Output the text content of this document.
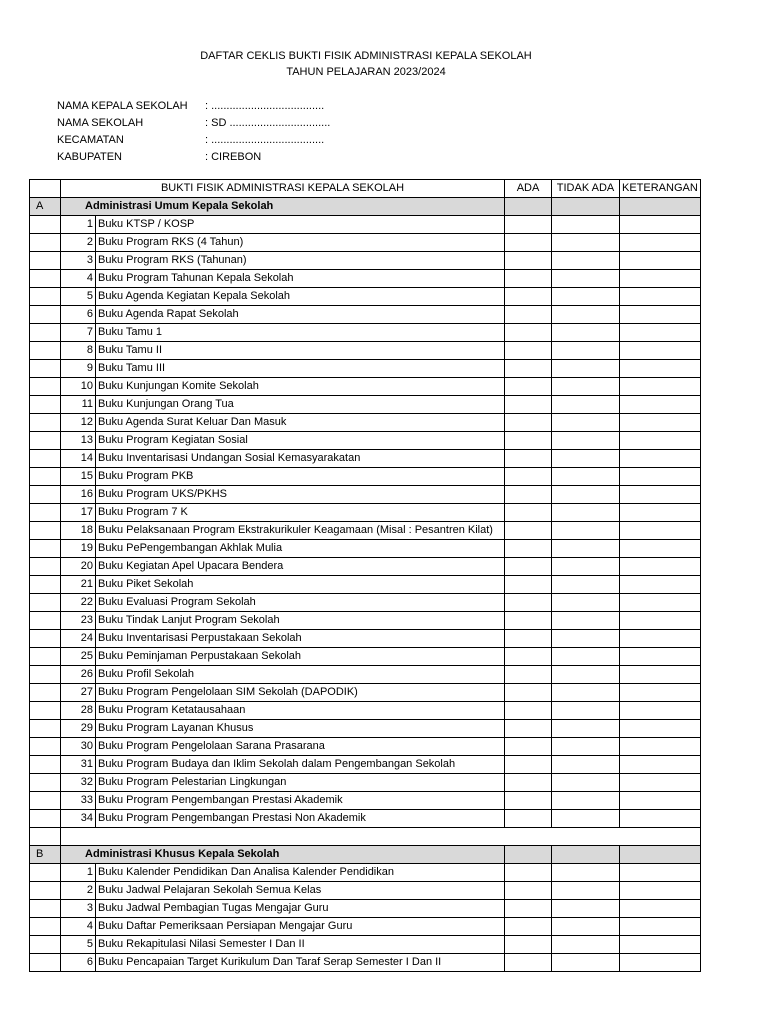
DAFTAR CEKLIS BUKTI FISIK ADMINISTRASI KEPALA SEKOLAH
TAHUN PELAJARAN 2023/2024
NAMA KEPALA SEKOLAH	: .....................................
NAMA SEKOLAH	: SD .................................
KECAMATAN	: .....................................
KABUPATEN	: CIREBON
	BUKTI FISIK ADMINISTRASI KEPALA SEKOLAH		ADA	TIDAK ADA	KETERANGAN
A	Administrasi Umum Kepala Sekolah				
	1	Buku KTSP / KOSP			
	2	Buku Program RKS (4 Tahun)			
	3	Buku Program RKS (Tahunan)			
	4	Buku Program Tahunan Kepala Sekolah			
	5	Buku Agenda Kegiatan Kepala Sekolah			
	6	Buku Agenda Rapat Sekolah			
	7	Buku Tamu 1			
	8	Buku Tamu II			
	9	Buku Tamu III			
	10	Buku Kunjungan Komite Sekolah			
	11	Buku Kunjungan Orang Tua			
	12	Buku Agenda Surat Keluar Dan Masuk			
	13	Buku Program Kegiatan Sosial			
	14	Buku Inventarisasi Undangan Sosial Kemasyarakatan			
	15	Buku Program PKB			
	16	Buku Program UKS/PKHS			
	17	Buku Program 7 K			
	18	Buku Pelaksanaan Program Ekstrakurikuler Keagamaan (Misal : Pesantren Kilat)			
	19	Buku PePengembangan Akhlak Mulia			
	20	Buku Kegiatan Apel Upacara Bendera			
	21	Buku Piket Sekolah			
	22	Buku Evaluasi Program Sekolah			
	23	Buku Tindak Lanjut Program Sekolah			
	24	Buku Inventarisasi Perpustakaan Sekolah			
	25	Buku Peminjaman Perpustakaan Sekolah			
	26	Buku Profil Sekolah			
	27	Buku Program Pengelolaan SIM Sekolah (DAPODIK)			
	28	Buku Program Ketatausahaan			
	29	Buku Program Layanan Khusus			
	30	Buku Program Pengelolaan Sarana Prasarana			
	31	Buku Program Budaya dan Iklim Sekolah dalam Pengembangan Sekolah			
	32	Buku Program Pelestarian Lingkungan			
	33	Buku Program Pengembangan Prestasi Akademik			
	34	Buku Program Pengembangan Prestasi Non Akademik			

B	Administrasi Khusus Kepala Sekolah				
	1	Buku Kalender Pendidikan Dan Analisa Kalender Pendidikan			
	2	Buku Jadwal Pelajaran Sekolah Semua Kelas			
	3	Buku Jadwal Pembagian Tugas Mengajar Guru			
	4	Buku Daftar Pemeriksaan Persiapan Mengajar Guru			
	5	Buku Rekapitulasi Nilasi Semester I Dan II			
	6	Buku Pencapaian Target Kurikulum Dan Taraf Serap Semester I Dan II			
